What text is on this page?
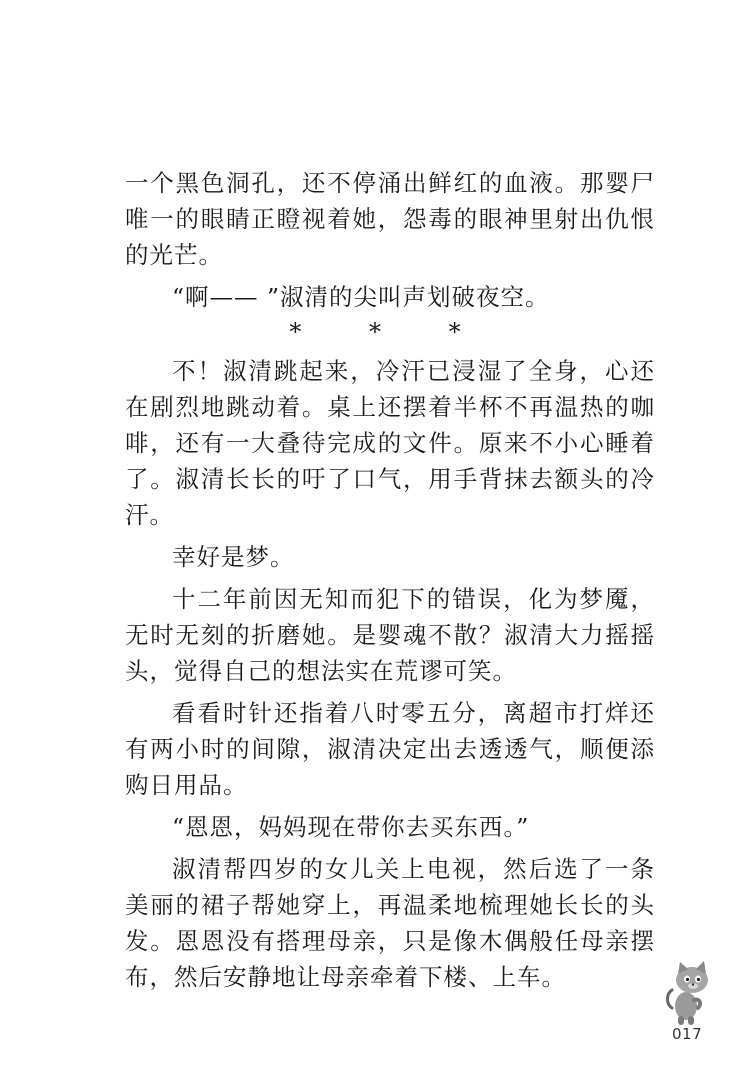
一个黑色洞孔，还不停涌出鲜红的血液。那婴尸唯一的眼睛正瞪视着她，怨毒的眼神里射出仇恨的光芒。

“啊—— ”淑清的尖叫声划破夜空。

* * *

不！淑清跳起来，冷汗已浸湿了全身，心还在剧烈地跳动着。桌上还摆着半杯不再温热的咖啡，还有一大叠待完成的文件。原来不小心睡着了。淑清长长的吁了口气，用手背抹去额头的冷汗。

幸好是梦。

十二年前因无知而犯下的错误，化为梦魇，无时无刻的折磨她。是婴魂不散？淑清大力摇摇头，觉得自己的想法实在荒谬可笑。

看看时针还指着八时零五分，离超市打烊还有两小时的间隙，淑清决定出去透透气，顺便添购日用品。

“恩恩，妈妈现在带你去买东西。”

淑清帮四岁的女儿关上电视，然后选了一条美丽的裙子帮她穿上，再温柔地梳理她长长的头发。恩恩没有搭理母亲，只是像木偶般任母亲摆布，然后安静地让母亲牵着下楼、上车。

017
